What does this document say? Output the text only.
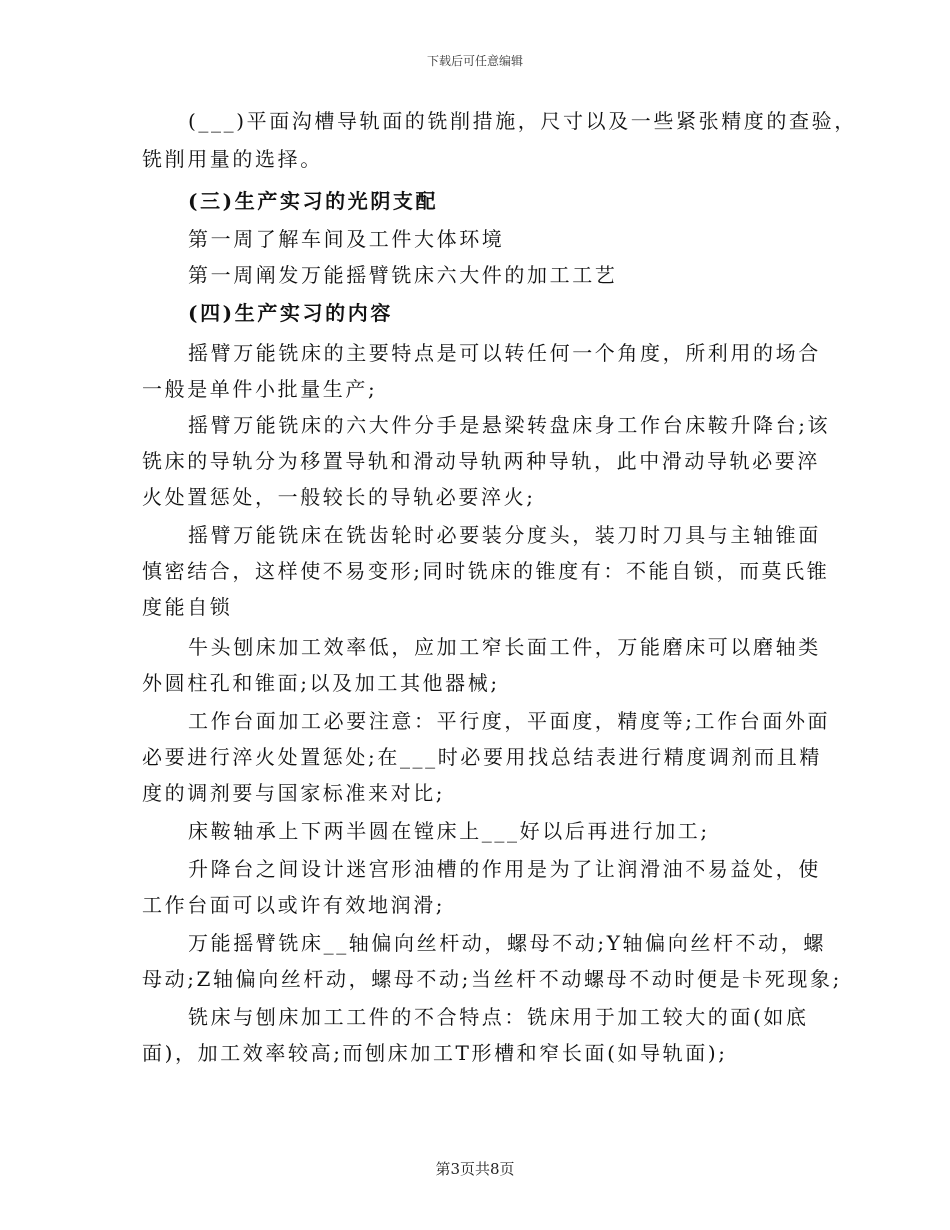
下载后可任意编辑
(___)平面沟槽导轨面的铣削措施，尺寸以及一些紧张精度的查验，
铣削用量的选择。
(三)生产实习的光阴支配
第一周了解车间及工件大体环境
第一周阐发万能摇臂铣床六大件的加工工艺
(四)生产实习的内容
摇臂万能铣床的主要特点是可以转任何一个角度，所利用的场合
一般是单件小批量生产;
摇臂万能铣床的六大件分手是悬梁转盘床身工作台床鞍升降台;该
铣床的导轨分为移置导轨和滑动导轨两种导轨，此中滑动导轨必要淬
火处置惩处，一般较长的导轨必要淬火;
摇臂万能铣床在铣齿轮时必要装分度头，装刀时刀具与主轴锥面
慎密结合，这样使不易变形;同时铣床的锥度有：不能自锁，而莫氏锥
度能自锁
牛头刨床加工效率低，应加工窄长面工件，万能磨床可以磨轴类
外圆柱孔和锥面;以及加工其他器械;
工作台面加工必要注意：平行度，平面度，精度等;工作台面外面
必要进行淬火处置惩处;在___时必要用找总结表进行精度调剂而且精
度的调剂要与国家标准来对比;
床鞍轴承上下两半圆在镗床上___好以后再进行加工;
升降台之间设计迷宫形油槽的作用是为了让润滑油不易益处，使
工作台面可以或许有效地润滑;
万能摇臂铣床__轴偏向丝杆动，螺母不动;Y轴偏向丝杆不动，螺
母动;Z轴偏向丝杆动，螺母不动;当丝杆不动螺母不动时便是卡死现象;
铣床与刨床加工工件的不合特点：铣床用于加工较大的面(如底
面)，加工效率较高;而刨床加工T形槽和窄长面(如导轨面);
第3页共8页
